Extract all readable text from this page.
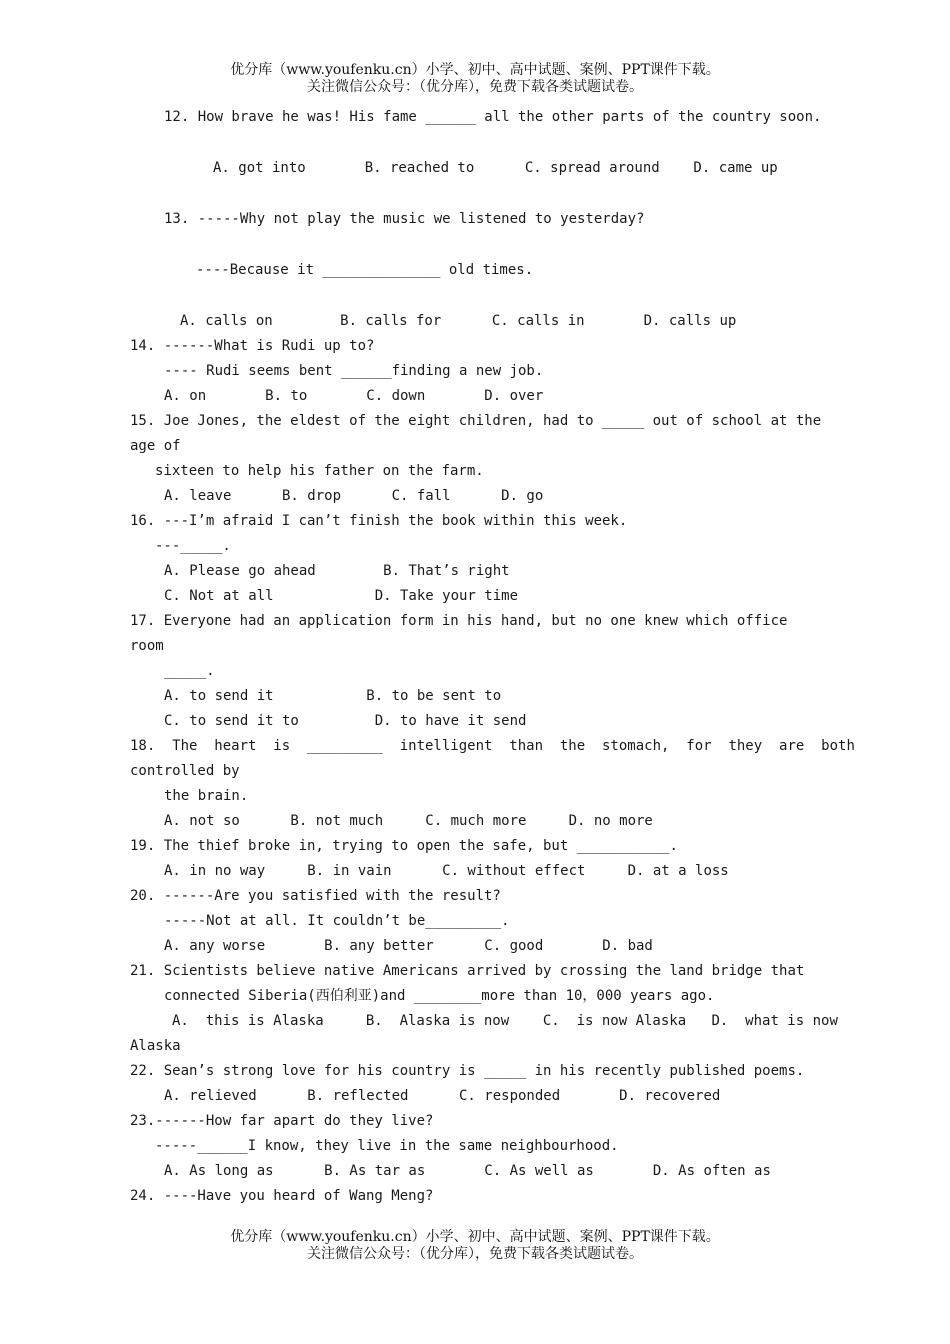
优分库（www.youfenku.cn）小学、初中、高中试题、案例、PPT课件下载。
关注微信公众号：（优分库），免费下载各类试题试卷。
12. How brave he was! His fame ______ all the other parts of the country soon.
A. got into       B. reached to      C. spread around    D. came up
13. -----Why not play the music we listened to yesterday?
----Because it ______________ old times.
A. calls on        B. calls for      C. calls in       D. calls up
14. ------What is Rudi up to?
---- Rudi seems bent ______finding a new job.
A. on       B. to       C. down       D. over
15. Joe Jones, the eldest of the eight children, had to _____ out of school at the
age of
sixteen to help his father on the farm.
A. leave      B. drop      C. fall      D. go
16. ---I’m afraid I can’t finish the book within this week.
---_____.
A. Please go ahead        B. That’s right
C. Not at all            D. Take your time
17. Everyone had an application form in his hand, but no one knew which office
room
_____.
A. to send it           B. to be sent to
C. to send it to         D. to have it send
18.  The  heart  is  _________  intelligent  than  the  stomach,  for  they  are  both
controlled by
the brain.
A. not so      B. not much     C. much more     D. no more
19. The thief broke in, trying to open the safe, but ___________.
A. in no way     B. in vain      C. without effect     D. at a loss
20. ------Are you satisfied with the result?
-----Not at all. It couldn’t be_________.
A. any worse       B. any better      C. good       D. bad
21. Scientists believe native Americans arrived by crossing the land bridge that
connected Siberia(西伯利亚)and ________more than 10，000 years ago.
A.  this is Alaska     B.  Alaska is now    C.  is now Alaska   D.  what is now
Alaska
22. Sean’s strong love for his country is _____ in his recently published poems.
A. relieved      B. reflected      C. responded       D. recovered
23.------How far apart do they live?
-----______I know, they live in the same neighbourhood.
A. As long as      B. As tar as       C. As well as       D. As often as
24. ----Have you heard of Wang Meng?
优分库（www.youfenku.cn）小学、初中、高中试题、案例、PPT课件下载。
关注微信公众号：（优分库），免费下载各类试题试卷。
